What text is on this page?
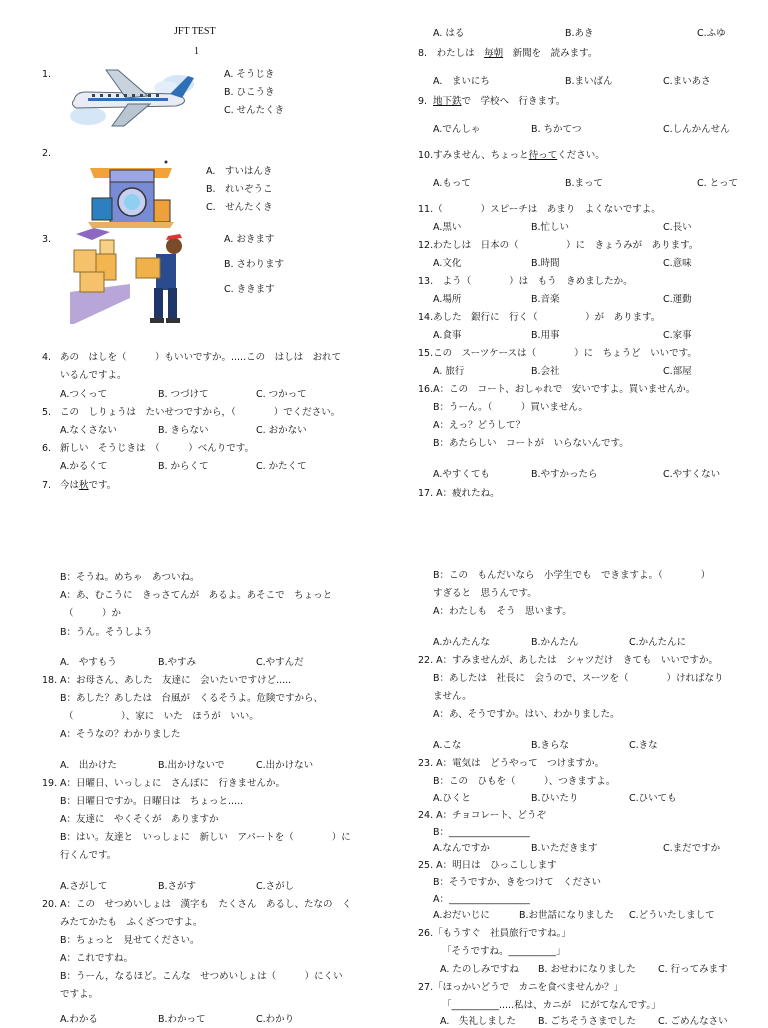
JFT TEST
1
1.	A. そうじき
B. ひこうき
C. せんたくき
2.
A.　すいはんき
B.　れいぞうこ
C.　せんたくき
3.	A. おきます
B. さわります
C. ききます
4. あの　はしを（　　　）もいいですか。.....この　はしは　おれて
いるんですよ。
A.つくって	B. つづけて	C. つかって
5. この　しりょうは　たいせつですから，（　　　　）でください。
A.なくさない	B. きらない	C. おかない
6. 新しい　そうじきは　（　　　）べんりです。
A.かるくて	B. からくて	C. かたくて
7. 今は秋です。
B：そうね。めちゃ　あついね。
A：あ、むこうに　きっさてんが　あるよ。あそこで　ちょっと
（　　　）か
B：うん。そうしよう
A.　やすもう	B.やすみ	C.やすんだ
18. A：お母さん、あした　友達に　会いたいですけど.....
B：あした？あしたは　台風が　くるそうよ。危険ですから、
（　　　　　）、家に　いた　ほうが　いい。
A：そうなの？わかりました
A.　出かけた	B.出かけないで	C.出かけない
19. A：日曜日、いっしょに　さんぽに　行きませんか。
B：日曜日ですか。日曜日は　ちょっと.....
A：友達に　やくそくが　ありますか
B：はい。友達と　いっしょに　新しい　アパートを（　　　　）に
行くんです。
A.さがして	B.さがす	C.さがし
20. A：この　せつめいしょは　漢字も　たくさん　あるし、たなの　く
みたてかたも　ふくざつですよ。
B：ちょっと　見せてください。
A：これですね。
B：うーん，なるほど。こんな　せつめいしょは（　　　）にくい
ですよ。
A.わかる	B.わかって	C.わかり
A. はる	B.あき	C.ふゆ
8.　わたしは　毎朝　新聞を　読みます。
A.　まいにち	B.まいばん	C.まいあさ
9. 地下鉄で　学校へ　行きます。
A.でんしゃ	B. ちかてつ	C.しんかんせん
10.すみません、ちょっと待ってください。
A.もって	B.まって	C. とって
11.（　　　　）スピーチは　あまり　よくないですよ。
A.黒い	B.忙しい	C.長い
12.わたしは　日本の（　　　　　）に　きょうみが　あります。
A.文化	B.時間	C.意味
13.　よう（　　　　）は　もう　きめましたか。
A.場所	B.音楽	C.運動
14.あした　銀行に　行く（　　　　　）が　あります。
A.食事	B.用事	C.家事
15.この　スーツケースは（　　　　）に　ちょうど　いいです。
A. 旅行	B.会社	C.部屋
16.A：この　コート、おしゃれで　安いですよ。買いませんか。
B：うーん。（　　　）買いません。
A：えっ？どうして？
B：あたらしい　コートが　いらないんです。
A.やすくても	B.やすかったら	C.やすくない
17. A：疲れたね。
B：この　もんだいなら　小学生でも　できますよ。（　　　　）
すぎると　思うんです。
A：わたしも　そう　思います。
A.かんたんな	B.かんたん	C.かんたんに
22. A：すみませんが、あしたは　シャツだけ　きても　いいですか。
B：あしたは　社長に　会うので、スーツを（　　　　）ければなり
ません。
A：あ、そうですか。はい、わかりました。
A.こな	B.きらな	C.きな
23. A：電気は　どうやって　つけますか。
B：この　ひもを（　　　）、つきますよ。
A.ひくと	B.ひいたり	C.ひいても
24. A：チョコレート、どうぞ
B：_________________
A.なんですか	B.いただきます	C.まだですか
25. A：明日は　ひっこしします
B：そうですか、きをつけて　ください
A：_________________
A.おだいじに	B.お世話になりました C.どういたしまして
26.「もうすぐ　社員旅行ですね。」
「そうですね。__________」
A. たのしみですね B. おせわになりました C. 行ってみます
27.「ほっかいどうで　カニを食べませんか？」
「__________.....私は、カニが　にがてなんです。」
A.　失礼しました B. ごちそうさまでした C. ごめんなさい
